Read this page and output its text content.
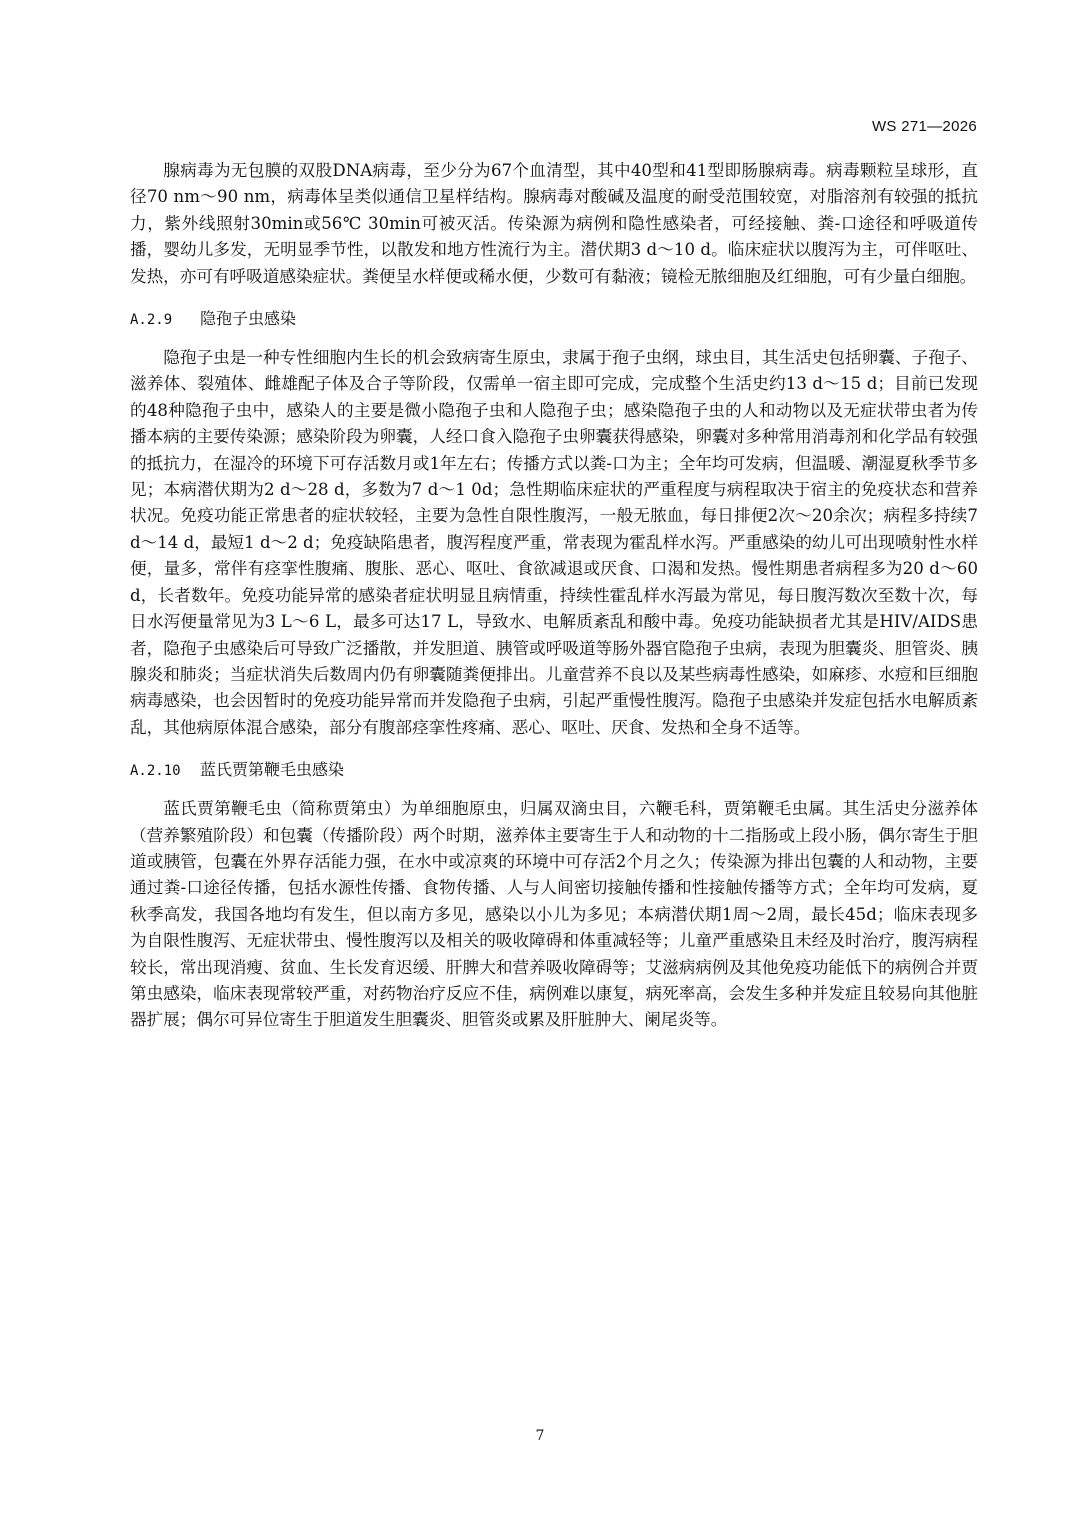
WS 271—2026

腺病毒为无包膜的双股DNA病毒，至少分为67个血清型，其中40型和41型即肠腺病毒。病毒颗粒呈球形，直径70 nm～90 nm，病毒体呈类似通信卫星样结构。腺病毒对酸碱及温度的耐受范围较宽，对脂溶剂有较强的抵抗力，紫外线照射30min或56℃ 30min可被灭活。传染源为病例和隐性感染者，可经接触、粪-口途径和呼吸道传播，婴幼儿多发，无明显季节性，以散发和地方性流行为主。潜伏期3 d～10 d。临床症状以腹泻为主，可伴呕吐、发热，亦可有呼吸道感染症状。粪便呈水样便或稀水便，少数可有黏液；镜检无脓细胞及红细胞，可有少量白细胞。

A.2.9	隐孢子虫感染

隐孢子虫是一种专性细胞内生长的机会致病寄生原虫，隶属于孢子虫纲，球虫目，其生活史包括卵囊、子孢子、滋养体、裂殖体、雌雄配子体及合子等阶段，仅需单一宿主即可完成，完成整个生活史约13 d～15 d；目前已发现的48种隐孢子虫中，感染人的主要是微小隐孢子虫和人隐孢子虫；感染隐孢子虫的人和动物以及无症状带虫者为传播本病的主要传染源；感染阶段为卵囊，人经口食入隐孢子虫卵囊获得感染，卵囊对多种常用消毒剂和化学品有较强的抵抗力，在湿冷的环境下可存活数月或1年左右；传播方式以粪-口为主；全年均可发病，但温暖、潮湿夏秋季节多见；本病潜伏期为2 d～28 d，多数为7 d～1 0d；急性期临床症状的严重程度与病程取决于宿主的免疫状态和营养状况。免疫功能正常患者的症状较轻，主要为急性自限性腹泻，一般无脓血，每日排便2次～20余次；病程多持续7 d～14 d，最短1 d～2 d；免疫缺陷患者，腹泻程度严重，常表现为霍乱样水泻。严重感染的幼儿可出现喷射性水样便，量多，常伴有痉挛性腹痛、腹胀、恶心、呕吐、食欲减退或厌食、口渴和发热。慢性期患者病程多为20 d～60 d，长者数年。免疫功能异常的感染者症状明显且病情重，持续性霍乱样水泻最为常见，每日腹泻数次至数十次，每日水泻便量常见为3 L～6 L，最多可达17 L，导致水、电解质紊乱和酸中毒。免疫功能缺损者尤其是HIV/AIDS患者，隐孢子虫感染后可导致广泛播散，并发胆道、胰管或呼吸道等肠外器官隐孢子虫病，表现为胆囊炎、胆管炎、胰腺炎和肺炎；当症状消失后数周内仍有卵囊随粪便排出。儿童营养不良以及某些病毒性感染，如麻疹、水痘和巨细胞病毒感染，也会因暂时的免疫功能异常而并发隐孢子虫病，引起严重慢性腹泻。隐孢子虫感染并发症包括水电解质紊乱，其他病原体混合感染，部分有腹部痉挛性疼痛、恶心、呕吐、厌食、发热和全身不适等。

A.2.10	蓝氏贾第鞭毛虫感染

蓝氏贾第鞭毛虫（简称贾第虫）为单细胞原虫，归属双滴虫目，六鞭毛科，贾第鞭毛虫属。其生活史分滋养体（营养繁殖阶段）和包囊（传播阶段）两个时期，滋养体主要寄生于人和动物的十二指肠或上段小肠，偶尔寄生于胆道或胰管，包囊在外界存活能力强，在水中或凉爽的环境中可存活2个月之久；传染源为排出包囊的人和动物，主要通过粪-口途径传播，包括水源性传播、食物传播、人与人间密切接触传播和性接触传播等方式；全年均可发病，夏秋季高发，我国各地均有发生，但以南方多见，感染以小儿为多见；本病潜伏期1周～2周，最长45d；临床表现多为自限性腹泻、无症状带虫、慢性腹泻以及相关的吸收障碍和体重减轻等；儿童严重感染且未经及时治疗，腹泻病程较长，常出现消瘦、贫血、生长发育迟缓、肝脾大和营养吸收障碍等；艾滋病病例及其他免疫功能低下的病例合并贾第虫感染，临床表现常较严重，对药物治疗反应不佳，病例难以康复，病死率高，会发生多种并发症且较易向其他脏器扩展；偶尔可异位寄生于胆道发生胆囊炎、胆管炎或累及肝脏肿大、阑尾炎等。

7
